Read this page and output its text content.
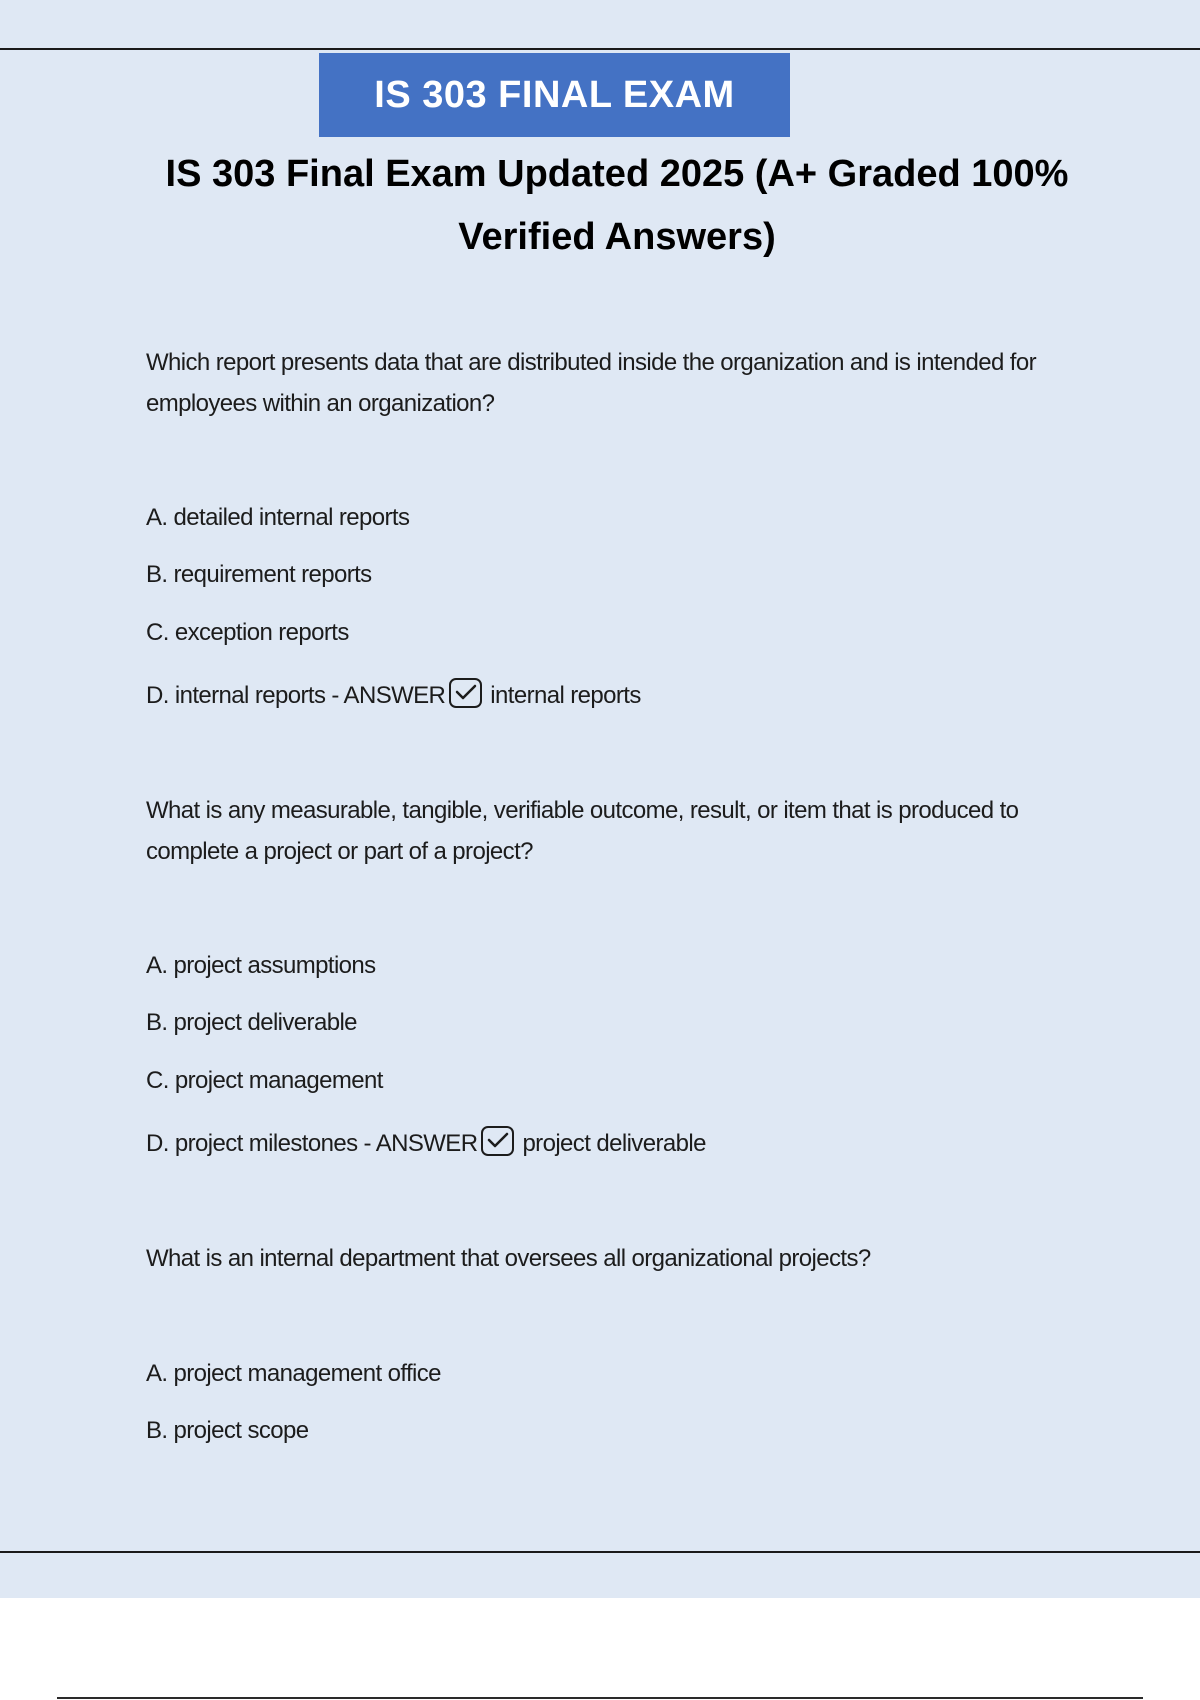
IS 303 FINAL EXAM
IS 303 Final Exam Updated 2025 (A+ Graded 100% Verified Answers)
Which report presents data that are distributed inside the organization and is intended for employees within an organization?
A. detailed internal reports
B. requirement reports
C. exception reports
D. internal reports - ANSWER internal reports
What is any measurable, tangible, verifiable outcome, result, or item that is produced to complete a project or part of a project?
A. project assumptions
B. project deliverable
C. project management
D. project milestones - ANSWER project deliverable
What is an internal department that oversees all organizational projects?
A. project management office
B. project scope
